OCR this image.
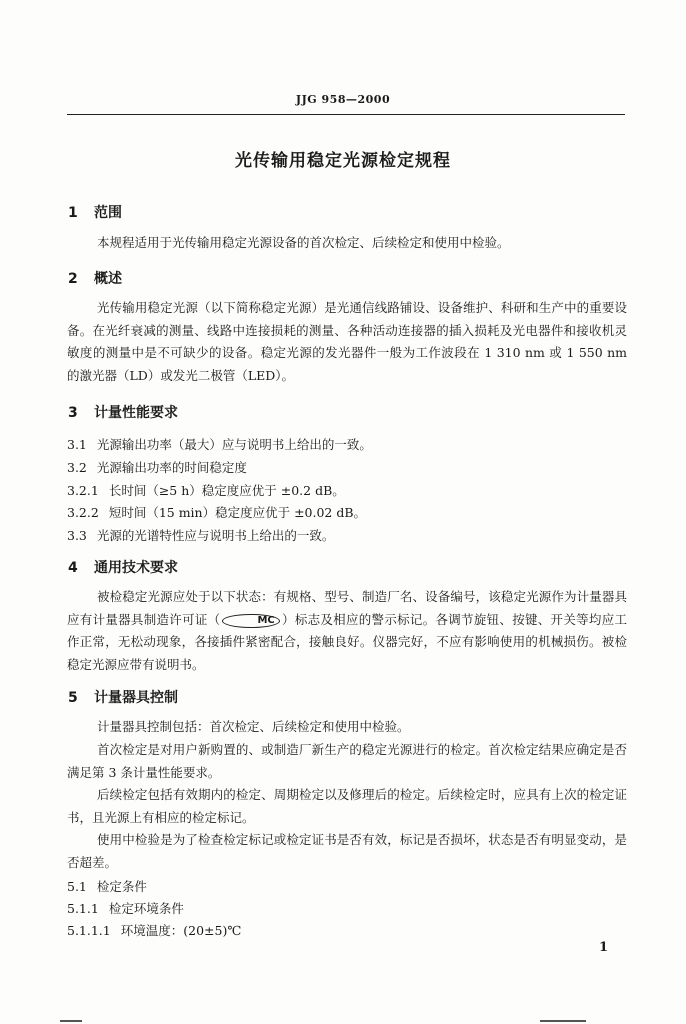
JJG 958—2000
光传输用稳定光源检定规程
1 范围
本规程适用于光传输用稳定光源设备的首次检定、后续检定和使用中检验。
2 概述
光传输用稳定光源（以下简称稳定光源）是光通信线路铺设、设备维护、科研和生产中的重要设备。在光纤衰减的测量、线路中连接损耗的测量、各种活动连接器的插入损耗及光电器件和接收机灵敏度的测量中是不可缺少的设备。稳定光源的发光器件一般为工作波段在 1 310 nm 或 1 550 nm 的激光器（LD）或发光二极管（LED）。
3 计量性能要求
3.1 光源输出功率（最大）应与说明书上给出的一致。
3.2 光源输出功率的时间稳定度
3.2.1 长时间（≥5 h）稳定度应优于 ±0.2 dB。
3.2.2 短时间（15 min）稳定度应优于 ±0.02 dB。
3.3 光源的光谱特性应与说明书上给出的一致。
4 通用技术要求
被检稳定光源应处于以下状态：有规格、型号、制造厂名、设备编号，该稳定光源作为计量器具应有计量器具制造许可证（	MC ）标志及相应的警示标记。各调节旋钮、按键、开关等均应工作正常，无松动现象，各接插件紧密配合，接触良好。仪器完好，不应有影响使用的机械损伤。被检稳定光源应带有说明书。
5 计量器具控制
计量器具控制包括：首次检定、后续检定和使用中检验。
首次检定是对用户新购置的、或制造厂新生产的稳定光源进行的检定。首次检定结果应确定是否满足第 3 条计量性能要求。
后续检定包括有效期内的检定、周期检定以及修理后的检定。后续检定时，应具有上次的检定证书，且光源上有相应的检定标记。
使用中检验是为了检查检定标记或检定证书是否有效，标记是否损坏，状态是否有明显变动，是否超差。
5.1 检定条件
5.1.1 检定环境条件
5.1.1.1 环境温度：(20±5)℃
1
